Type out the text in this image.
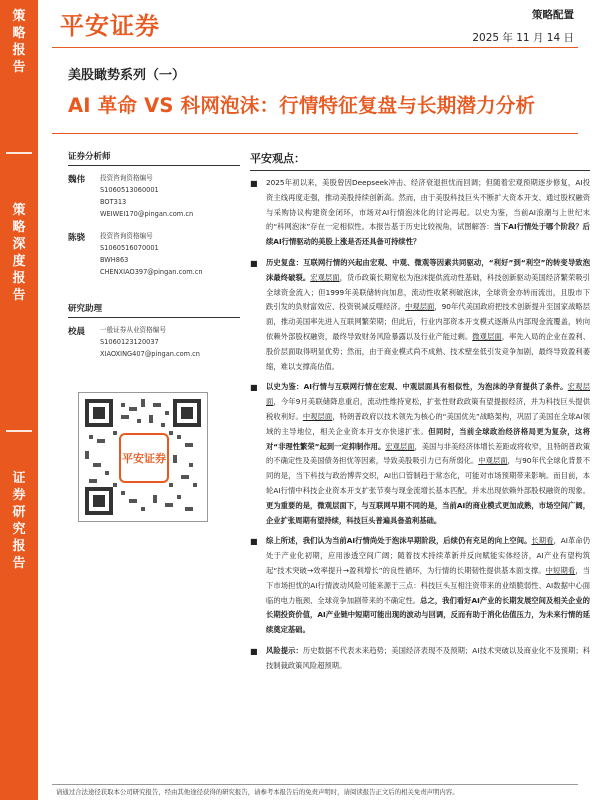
策
略
报
告
策
略
深
度
报
告
证
券
研
究
报
告
平安证券	策略配置
2025 年 11 月 14 日
美股瞰势系列（一）
AI 革命 VS 科网泡沫：行情特征复盘与长期潜力分析
证券分析师
魏伟	投资咨询资格编号
S1060513060001
BOT313
WEIWEI170@pingan.com.cn
陈骁	投资咨询资格编号
S1060516070001
BWH863
CHENXIAO397@pingan.com.cn
研究助理
校晨	一般证券从业资格编号
S1060123120037
XIAOXING407@pingan.com.cn
平安证券
平安观点：
■	2025年初以来，美股曾因Deepseek冲击、经济衰退担忧而回调；但随着宏观预期逐步修复，AI投资主线再度走强，推动美股持续创新高。然而，由于美股科技巨头不断扩大资本开支、通过股权融资与采购协议构建资金闭环，市场对AI行情泡沫化的讨论再起。以史为鉴，当前AI浪潮与上世纪末的“科网泡沫”存在一定相似性。本报告基于历史比较视角，试图解答：当下AI行情处于哪个阶段？后续AI行情驱动的美股上涨是否还具备可持续性？
■	历史复盘：互联网行情的兴起由宏观、中观、微观等因素共同驱动，“利好”到“利空”的转变导致泡沫最终破裂。宏观层面，货币政策长期宽松为泡沫提供流动性基础，科技创新驱动美国经济繁荣吸引全球资金流入；但1999年美联储转向加息，流动性收紧利破泡沫，全球资金亦转而流出，且股市下跌引发的负财富效应、投资锐减反噬经济。中观层面，90年代美国政府把技术创新提升至国家战略层面，推动美国率先进入互联网繁荣期；但此后，行业内部资本开支模式逐渐从内部现金流覆盖，转向依赖外部股权融资，最终导致财务风险暴露以及行业产能过剩。微观层面，率先入局的企业在盈利、股价层面取得明显优势；然而，由于商业模式尚不成熟、技术壁垒低引发竞争加剧，最终导致盈利萎缩，难以支撑高估值。
■	以史为鉴：AI行情与互联网行情在宏观、中观层面具有相似性，为泡沫的孕育提供了条件。宏观层面，今年9月美联储降息重启，流动性维持宽松，扩张性财政政策有望提振经济，并为科技巨头提供税收利好。中观层面，特朗普政府以技术领先为核心的“美国优先”战略架构，巩固了美国在全球AI领域的主导地位，相关企业资本开支亦快速扩张。但同时，当前全球政治经济格局更为复杂，这将对“非理性繁荣”起到一定抑制作用。宏观层面，美国与非美经济体增长差距或将收窄，且特朗普政策的不确定性及美国债务担忧等因素，导致美股吸引力已有所弱化。中观层面，与90年代全球化背景不同的是，当下科技与政治博弈交织，AI出口管制趋于常态化，可能对市场预期带来影响。而目前，本轮AI行情中科技企业资本开支扩张节奏与现金流增长基本匹配，并未出现依赖外部股权融资的现象。更为重要的是，微观层面下，与互联网早期不同的是，当前AI的商业模式更加成熟，市场空间广阔，企业扩张周期有望持续，科技巨头普遍具备盈利基础。
■	综上所述，我们认为当前AI行情尚处于泡沫早期阶段，后续仍有充足的向上空间。长期看，AI革命仍处于产业化初期，应用渗透空间广阔；随着技术持续革新并反向赋能实体经济，AI产业有望构筑起“技术突破→效率提升→盈利增长”的良性循环，为行情的长期韧性提供基本面支撑。中短期看，当下市场担忧的AI行情波动风险可能来源于三点：科技巨头互相注资带来的业绩脆弱性、AI数据中心面临的电力瓶颈、全球竞争加剧带来的不确定性。总之，我们看好AI产业的长期发展空间及相关企业的长期投资价值，AI产业链中短期可能出现的波动与回调，反而有助于消化估值压力，为未来行情的延续奠定基础。
■	风险提示：历史数据不代表未来趋势；美国经济表现不及预期；AI技术突破以及商业化不及预期；科技制裁政策风险超预期。
请通过合法途径获取本公司研究报告，经由其他途径获得的研究报告，请参考本报告后的免责声明时，请阅读报告正文后的相关免责声明内容。
